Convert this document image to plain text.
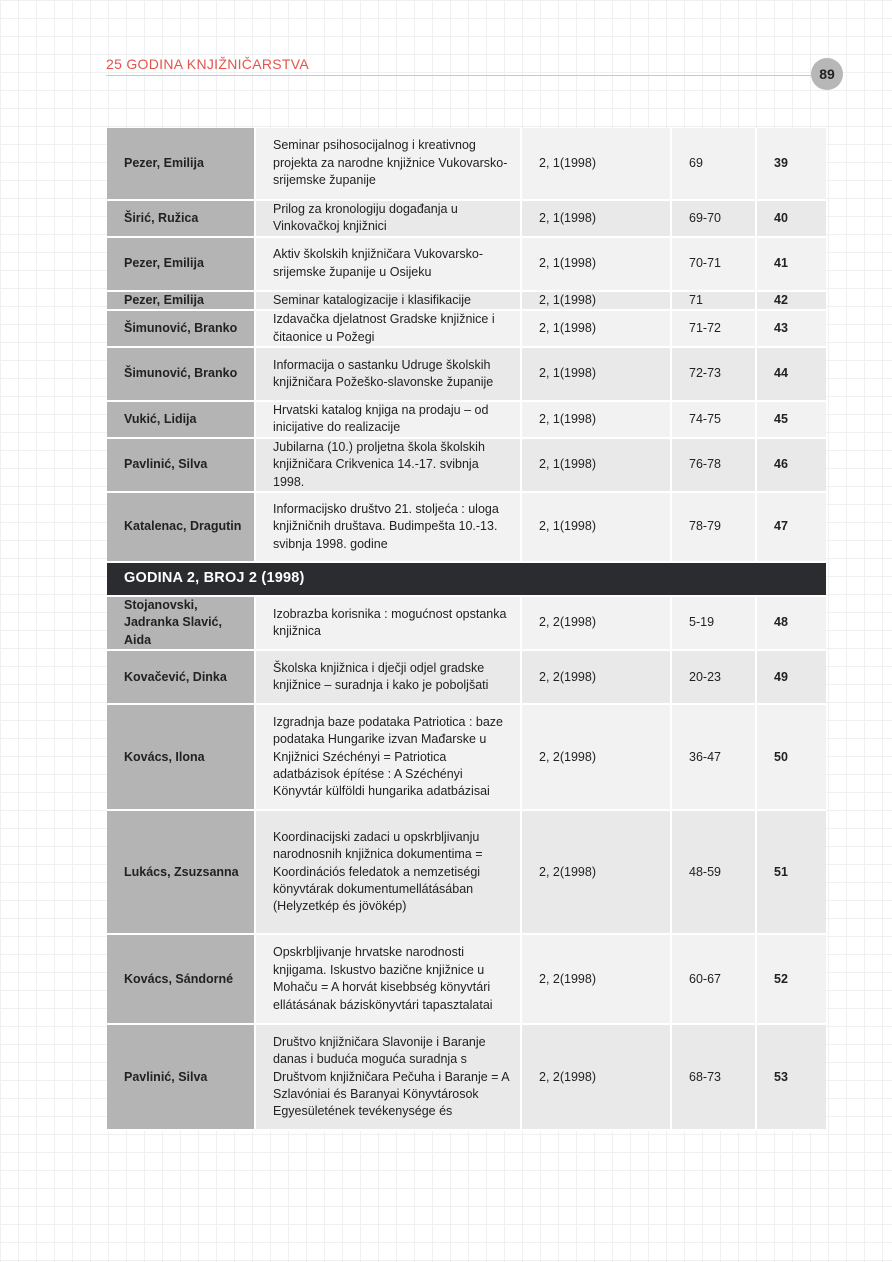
25 GODINA KNJIŽNIČARSTVA
89
Pezer, Emilija	Seminar psihosocijalnog i kreativnog projekta za narodne knjižnice Vukovarsko-srijemske županije	2, 1(1998)	69	39
Širić, Ružica	Prilog za kronologiju događanja u Vinkovačkoj knjižnici	2, 1(1998)	69-70	40
Pezer, Emilija	Aktiv školskih knjižničara Vukovarsko-srijemske županije u Osijeku	2, 1(1998)	70-71	41
Pezer, Emilija	Seminar katalogizacije i klasifikacije	2, 1(1998)	71	42
Šimunović, Branko	Izdavačka djelatnost Gradske knjižnice i čitaonice u Požegi	2, 1(1998)	71-72	43
Šimunović, Branko	Informacija o sastanku Udruge školskih knjižničara Požeško-slavonske županije	2, 1(1998)	72-73	44
Vukić, Lidija	Hrvatski katalog knjiga na prodaju – od inicijative do realizacije	2, 1(1998)	74-75	45
Pavlinić, Silva	Jubilarna (10.) proljetna škola školskih knjižničara Crikvenica 14.-17. svibnja 1998.	2, 1(1998)	76-78	46
Katalenac, Dragutin	Informacijsko društvo 21. stoljeća : uloga knjižničnih društava. Budimpešta 10.-13. svibnja 1998. godine	2, 1(1998)	78-79	47
GODINA 2, BROJ 2 (1998)				
Stojanovski, Jadranka Slavić, Aida	Izobrazba korisnika : mogućnost opstanka knjižnica	2, 2(1998)	5-19	48
Kovačević, Dinka	Školska knjižnica i dječji odjel gradske knjižnice – suradnja i kako je poboljšati	2, 2(1998)	20-23	49
Kovács, Ilona	Izgradnja baze podataka Patriotica : baze podataka Hungarike izvan Mađarske u Knjižnici Széchényi = Patriotica adatbázisok építése : A Széchényi Könyvtár külföldi hungarika adatbázisai	2, 2(1998)	36-47	50
Lukács, Zsuzsanna	Koordinacijski zadaci u opskrbljivanju narodnosnih knjižnica dokumentima = Koordinációs feledatok a nemzetiségi könyvtárak dokumentumellátásában (Helyzetkép és jövökép)	2, 2(1998)	48-59	51
Kovács, Sándorné	Opskrbljivanje hrvatske narodnosti knjigama. Iskustvo bazične knjižnice u Mohaču = A horvát kisebbség könyvtári ellátásának báziskönyvtári tapasztalatai	2, 2(1998)	60-67	52
Pavlinić, Silva	Društvo knjižničara Slavonije i Baranje danas i buduća moguća suradnja s Društvom knjižničara Pečuha i Baranje = A Szlavóniai és Baranyai Könyvtárosok Egyesületének tevékenysége és	2, 2(1998)	68-73	53
